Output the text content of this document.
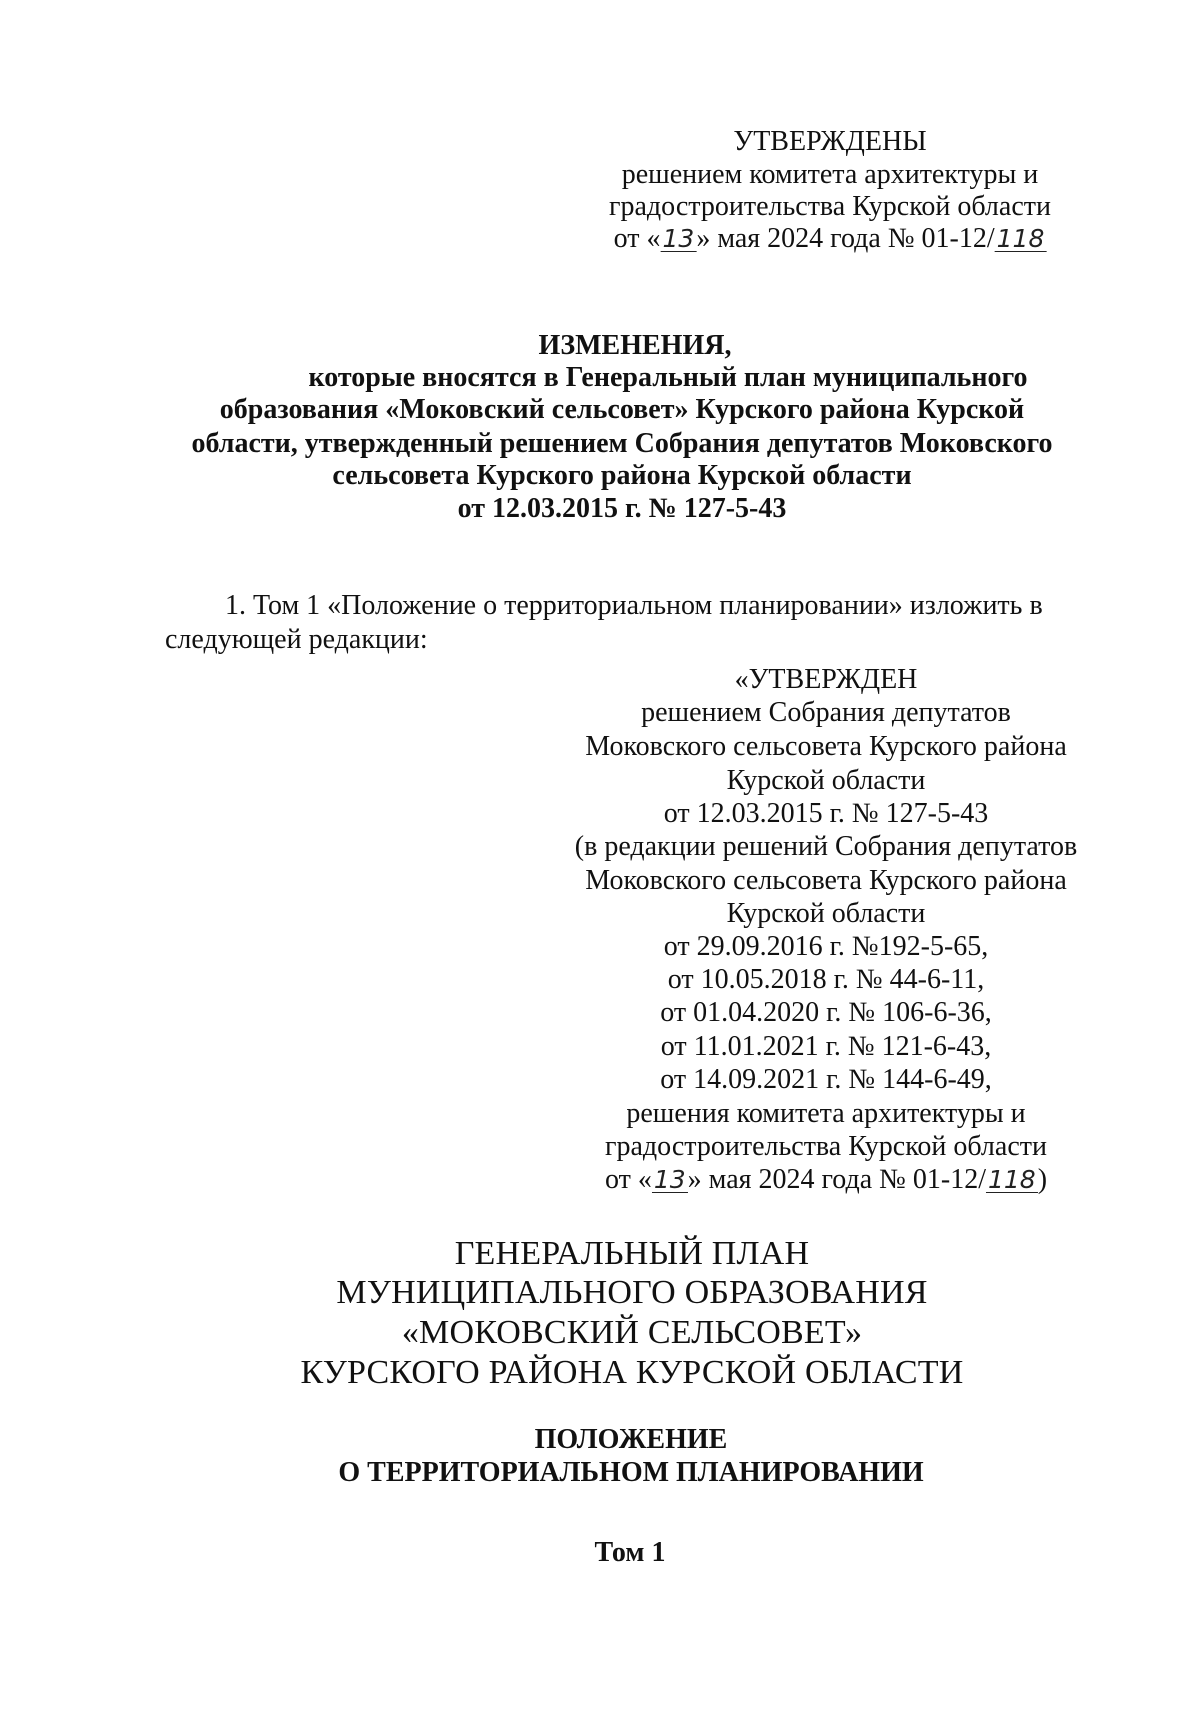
УТВЕРЖДЕНЫ
решением комитета архитектуры и
градостроительства Курской области
от «13» мая 2024 года № 01-12/118
ИЗМЕНЕНИЯ,
которые вносятся в Генеральный план муниципального
образования «Моковский сельсовет» Курского района Курской
области, утвержденный решением Собрания депутатов Моковского
сельсовета Курского района Курской области
от 12.03.2015 г. № 127-5-43
1. Том 1 «Положение о территориальном планировании» изложить в
следующей редакции:
«УТВЕРЖДЕН
решением Собрания депутатов
Моковского сельсовета Курского района
Курской области
от 12.03.2015 г. № 127-5-43
(в редакции решений Собрания депутатов
Моковского сельсовета Курского района
Курской области
от 29.09.2016 г. №192-5-65,
от 10.05.2018 г. № 44-6-11,
от 01.04.2020 г. № 106-6-36,
от 11.01.2021 г. № 121-6-43,
от 14.09.2021 г. № 144-6-49,
решения комитета архитектуры и
градостроительства Курской области
от «13» мая 2024 года № 01-12/118)
ГЕНЕРАЛЬНЫЙ ПЛАН
МУНИЦИПАЛЬНОГО ОБРАЗОВАНИЯ
«МОКОВСКИЙ СЕЛЬСОВЕТ»
КУРСКОГО РАЙОНА КУРСКОЙ ОБЛАСТИ
ПОЛОЖЕНИЕ
О ТЕРРИТОРИАЛЬНОМ ПЛАНИРОВАНИИ
Том 1
